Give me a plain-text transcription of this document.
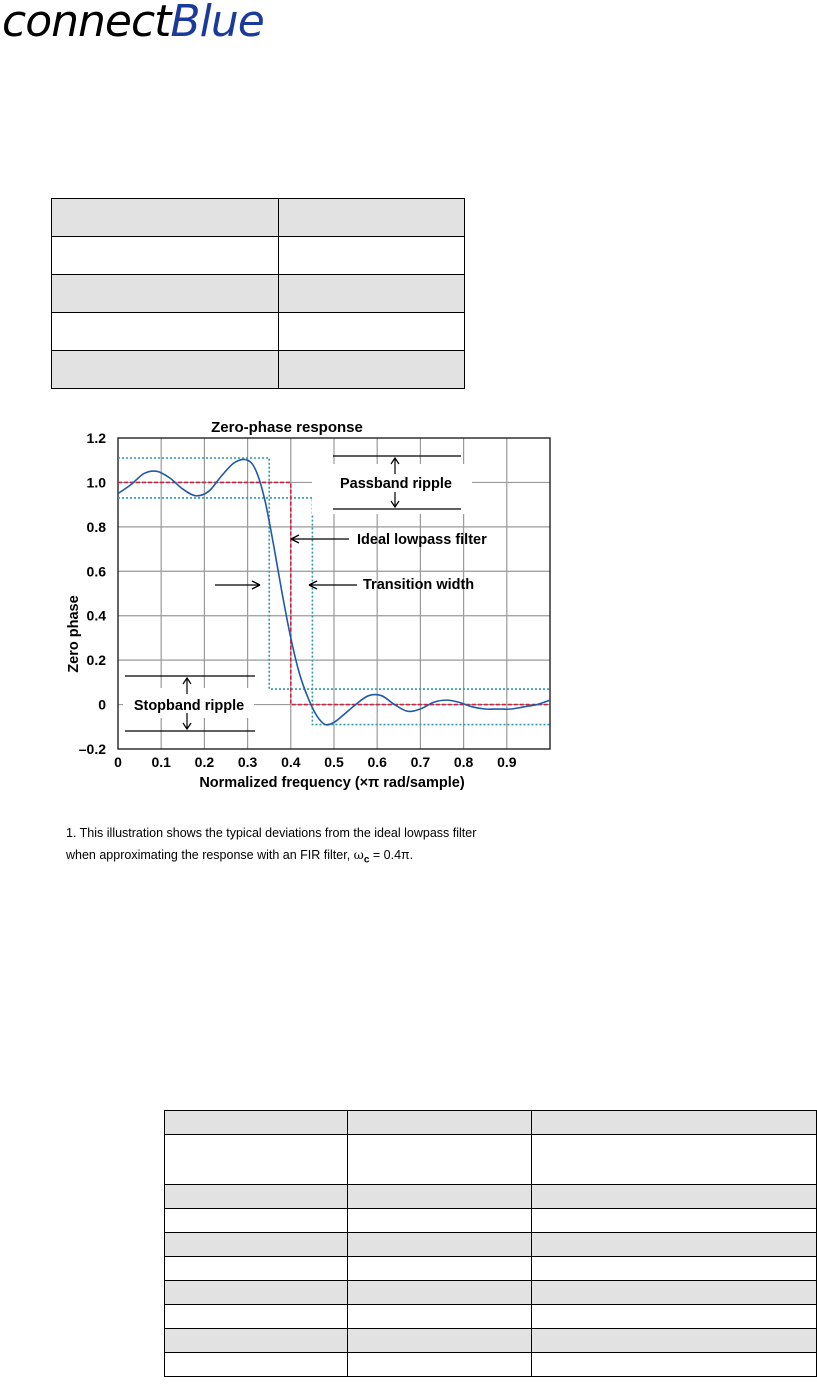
connectBlue

1.2
1.0
0.8
0.6
0.4
0.2
0
–0.2
0 0.1 0.2 0.3 0.4 0.5 0.6 0.7 0.8 0.9
Zero-phase response
Normalized frequency (×π rad/sample)
Zero phase
Passband ripple
Ideal lowpass filter
Transition width
Stopband ripple
1. This illustration shows the typical deviations from the ideal lowpass filter
when approximating the response with an FIR filter, $\omega_c = 0.4\pi$.
